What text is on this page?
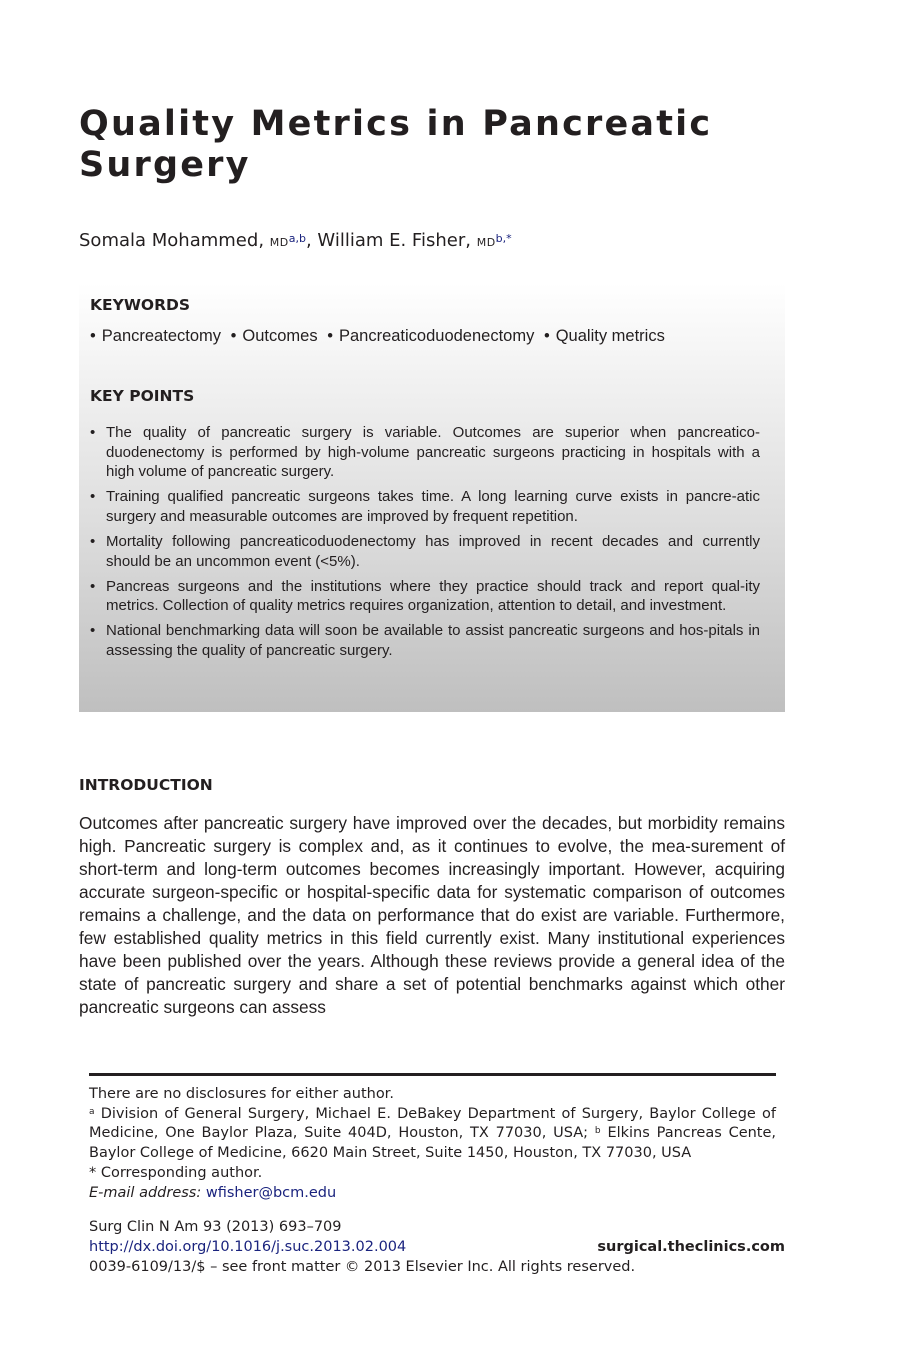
Quality Metrics in Pancreatic Surgery
Somala Mohammed, MD$^{a,b}$, William E. Fisher, $MD^{b,*}$
KEYWORDS
• Pancreatectomy • Outcomes • Pancreaticoduodenectomy • Quality metrics
KEY POINTS
• The quality of pancreatic surgery is variable. Outcomes are superior when pancreatico-duodenectomy is performed by high-volume pancreatic surgeons practicing in hospitals with a high volume of pancreatic surgery.
• Training qualified pancreatic surgeons takes time. A long learning curve exists in pancre-atic surgery and measurable outcomes are improved by frequent repetition.
• Mortality following pancreaticoduodenectomy has improved in recent decades and currently should be an uncommon event (<5%).
• Pancreas surgeons and the institutions where they practice should track and report qual-ity metrics. Collection of quality metrics requires organization, attention to detail, and investment.
• National benchmarking data will soon be available to assist pancreatic surgeons and hos-pitals in assessing the quality of pancreatic surgery.
INTRODUCTION

Outcomes after pancreatic surgery have improved over the decades, but morbidity remains high. Pancreatic surgery is complex and, as it continues to evolve, the mea-surement of short-term and long-term outcomes becomes increasingly important. However, acquiring accurate surgeon-specific or hospital-specific data for systematic comparison of outcomes remains a challenge, and the data on performance that do exist are variable. Furthermore, few established quality metrics in this field currently exist. Many institutional experiences have been published over the years. Although these reviews provide a general idea of the state of pancreatic surgery and share a set of potential benchmarks against which other pancreatic surgeons can assess

There are no disclosures for either author.

$^a$ Division of General Surgery, Michael E. DeBakey Department of Surgery, Baylor College of Medicine, One Baylor Plaza, Suite 404D, Houston, TX 77030, USA; $^b$ Elkins Pancreas Cente, Baylor College of Medicine, 6620 Main Street, Suite 1450, Houston, TX 77030, USA

* Corresponding author.

E-mail address: wfisher@bcm.edu

Surg Clin N Am 93 (2013) 693–709
http://dx.doi.org/10.1016/j.suc.2013.02.004	surgical.theclinics.com
0039-6109/13/$ – see front matter © 2013 Elsevier Inc. All rights reserved.
